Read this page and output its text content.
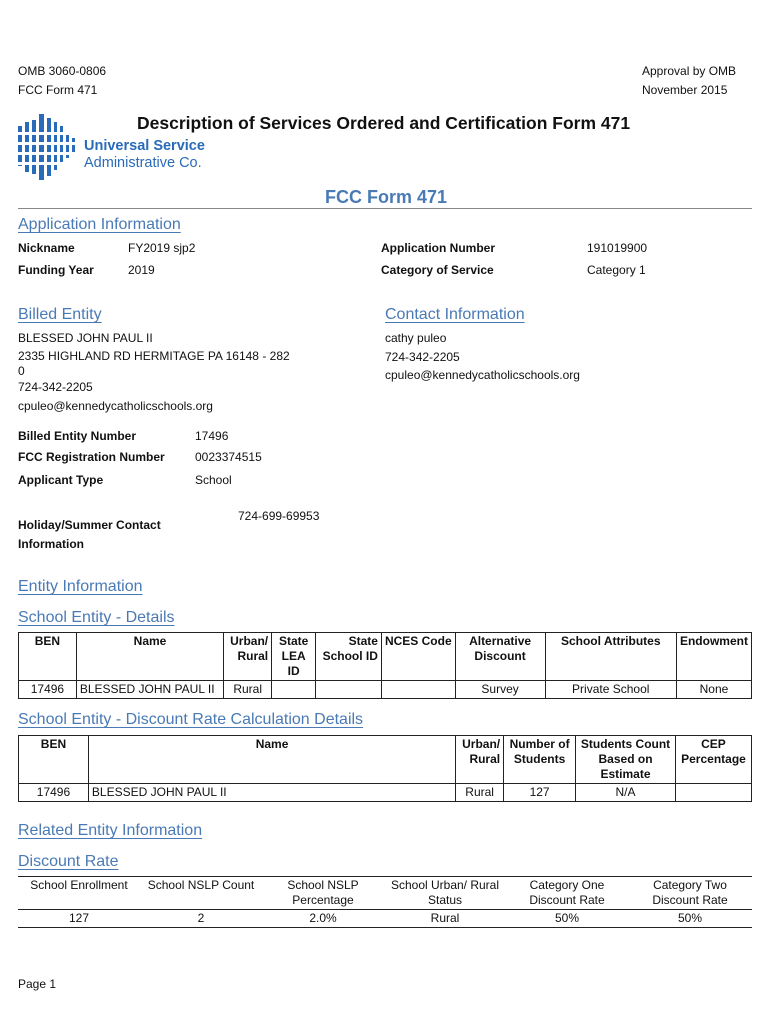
OMB 3060-0806
FCC Form 471
Approval by OMB
November 2015
Universal Service
Administrative Co.
Description of Services Ordered and Certification Form 471
FCC Form 471
Application Information
Nickname	FY2019 sjp2
Funding Year	2019
Application Number	191019900
Category of Service	Category 1
Billed Entity
BLESSED JOHN PAUL II
2335 HIGHLAND RD HERMITAGE PA 16148 - 282
0
724-342-2205
cpuleo@kennedycatholicschools.org
Billed Entity Number	17496
FCC Registration Number	0023374515
Applicant Type	School
Holiday/Summer Contact
Information
724-699-69953
Contact Information
cathy puleo
724-342-2205
cpuleo@kennedycatholicschools.org
Entity Information
School Entity - Details
BEN	Name	Urban/ Rural	State LEA ID	State School ID	NCES Code	Alternative Discount	School Attributes	Endowment
17496	BLESSED JOHN PAUL II	Rural				Survey	Private School	None
School Entity - Discount Rate Calculation Details
BEN	Name	Urban/ Rural	Number of Students	Students Count Based on Estimate	CEP Percentage
17496	BLESSED JOHN PAUL II	Rural	127	N/A	
Related Entity Information
Discount Rate
School Enrollment	School NSLP Count	School NSLP Percentage	School Urban/ Rural Status	Category One Discount Rate	Category Two Discount Rate
127	2	2.0%	Rural	50%	50%
Page 1
